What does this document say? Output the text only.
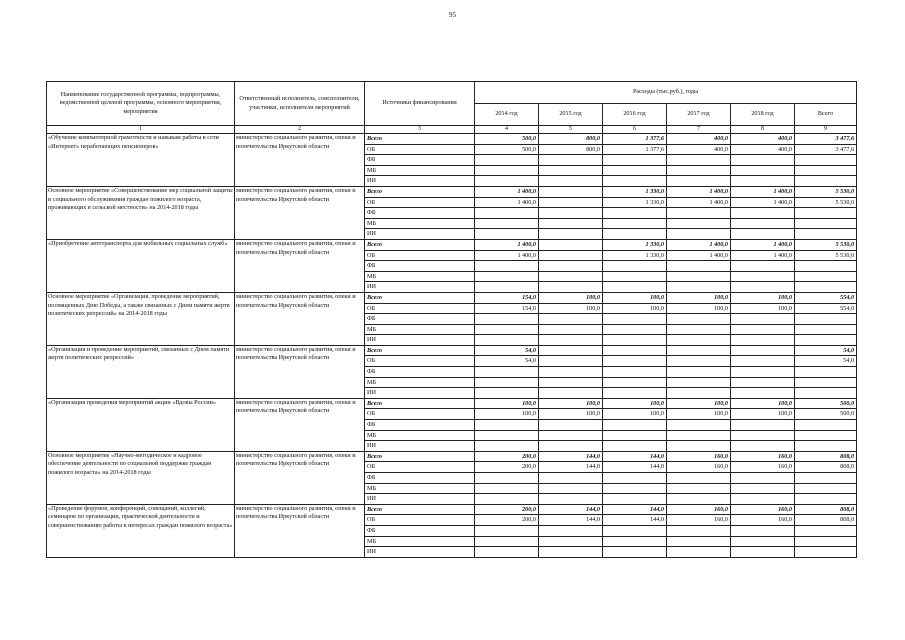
95
Наименование государственной программы, подпрограммы, ведомственной целевой программы, основного мероприятия, мероприятия	Ответственный исполнитель, соисполнители, участники, исполнители мероприятий	Источники финансирования	Расходы (тыс.руб.), годы					
			2014 год	2015 год	2016 год	2017 год	2018 год	Всего
1	2	3	4	5	6	7	8	9

«Обучение компьютерной грамотности и навыкам работы в сети «Интернет» неработающих пенсионеров»	министерство социального развития, опеки и попечительства Иркутской области	Всего	500,0	800,0	1 377,6	400,0	400,0	3 477,6
		ОБ	500,0	800,0	1 377,6	400,0	400,0	3 477,6
		ФБ						
		МБ						
		ИИ						

Основное мероприятие «Совершенствование мер социальной защиты и социального обслуживания граждан пожилого возраста, проживающих в сельской местности» на 2014-2018 годы	министерство социального развития, опеки и попечительства Иркутской области	Всего	1 400,0		1 330,0	1 400,0	1 400,0	5 530,0
		ОБ	1 400,0		1 330,0	1 400,0	1 400,0	5 530,0
		ФБ						
		МБ						
		ИИ						

«Приобретение автотранспорта для мобильных социальных служб»	министерство социального развития, опеки и попечительства Иркутской области	Всего	1 400,0		1 330,0	1 400,0	1 400,0	5 530,0
		ОБ	1 400,0		1 330,0	1 400,0	1 400,0	5 530,0
		ФБ						
		МБ						
		ИИ						

Основное мероприятие «Организация, проведение мероприятий, посвященных Дню Победы, а также связанных с Днем памяти жертв политических репрессий» на 2014-2018 годы	министерство социального развития, опеки и попечительства Иркутской области	Всего	154,0	100,0	100,0	100,0	100,0	554,0
		ОБ	154,0	100,0	100,0	100,0	100,0	554,0
		ФБ						
		МБ						
		ИИ						

«Организация и проведение мероприятий, связанных с Днем памяти жертв политических репрессий»	министерство социального развития, опеки и попечительства Иркутской области	Всего	54,0					54,0
		ОБ	54,0					54,0
		ФБ						
		МБ						
		ИИ						

«Организация проведения мероприятий акции «Вдовы России»	министерство социального развития, опеки и попечительства Иркутской области	Всего	100,0	100,0	100,0	100,0	100,0	500,0
		ОБ	100,0	100,0	100,0	100,0	100,0	500,0
		ФБ						
		МБ						
		ИИ						

Основное мероприятие «Научно-методическое и кадровое обеспечение деятельности по социальной поддержке граждан пожилого возраста» на 2014-2018 годы	министерство социального развития, опеки и попечительства Иркутской области	Всего	200,0	144,0	144,0	160,0	160,0	808,0
		ОБ	200,0	144,0	144,0	160,0	160,0	808,0
		ФБ						
		МБ						
		ИИ						

«Проведение форумов, конференций, совещаний, коллегий, семинаров по организации, практической деятельности и совершенствованию работы в интересах граждан пожилого возраста»	министерство социального развития, опеки и попечительства Иркутской области	Всего	200,0	144,0	144,0	160,0	160,0	808,0
		ОБ	200,0	144,0	144,0	160,0	160,0	808,0
		ФБ						
		МБ						
		ИИ						
